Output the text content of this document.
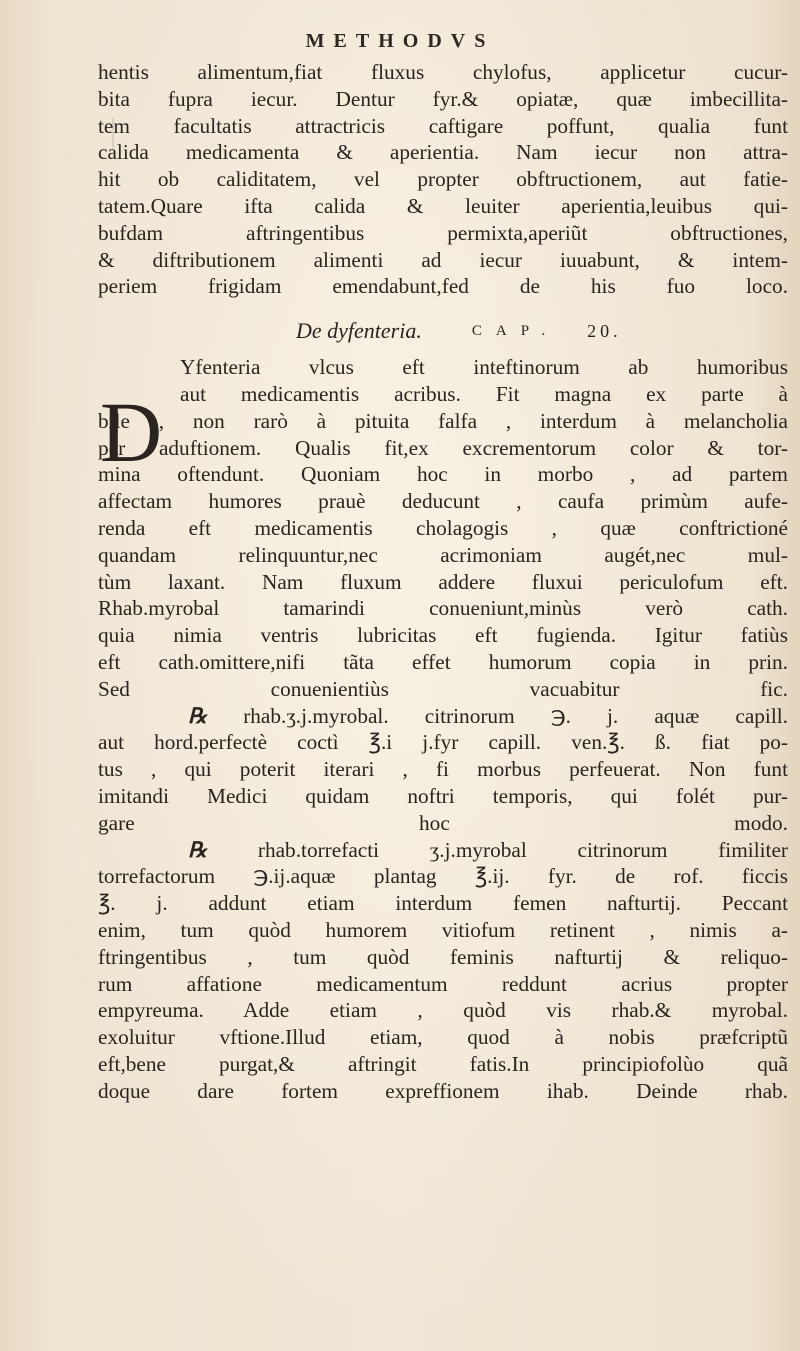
METHODVS
hentis alimentum,fiat fluxus chylofus, applicetur cucur-
bita fupra iecur. Dentur fyr.& opiatæ, quæ imbecillita-
tem facultatis attractricis caftigare poffunt, qualia funt
calida medicamenta & aperientia. Nam iecur non attra-
hit ob caliditatem, vel propter obftructionem, aut fatie-
tatem.Quare ifta calida & leuiter aperientia,leuibus qui-
bufdam aftringentibus permixta,aperiũt obftructiones,
& diftributionem alimenti ad iecur iuuabunt, & intem-
periem frigidam emendabunt,fed de his fuo loco.
De dyfenteria.	CAP. 20.
Yfenteria vlcus eft inteftinorum ab humoribus
aut medicamentis acribus. Fit magna ex parte à
bile , non rarò à pituita falfa , interdum à melancholia
per aduftionem. Qualis fit,ex excrementorum color & tor-
mina oftendunt. Quoniam hoc in morbo , ad partem
affectam humores prauè deducunt , caufa primùm aufe-
renda eft medicamentis cholagogis , quæ conftrictioné
quandam relinquuntur,nec acrimoniam augét,nec mul-
tùm laxant. Nam fluxum addere fluxui periculofum eft.
Rhab.myrobal tamarindi conueniunt,minùs verò cath.
quia nimia ventris lubricitas eft fugienda. Igitur fatiùs
eft cath.omittere,nifi tãta effet humorum copia in prin.
Sed conuenientiùs vacuabitur fic.
℞ rhab.ʒ.j.myrobal. citrinorum ℈. j. aquæ capill.
aut hord.perfectè coctì ℥.i j.fyr capill. ven.℥. ß. fiat po-
tus , qui poterit iterari , fi morbus perfeuerat. Non funt
imitandi Medici quidam noftri temporis, qui folét pur-
gare hoc modo.
℞ rhab.torrefacti ʒ.j.myrobal citrinorum fimiliter
torrefactorum ℈.ij.aquæ plantag ℥.ij. fyr. de rof. ficcis
℥. j. addunt etiam interdum femen nafturtij. Peccant
enim, tum quòd humorem vitiofum retinent , nimis a-
ftringentibus , tum quòd feminis nafturtij & reliquo-
rum affatione medicamentum reddunt acrius propter
empyreuma. Adde etiam , quòd vis rhab.& myrobal.
exoluitur vftione.Illud etiam, quod à nobis præfcriptũ
eft,bene purgat,& aftringit fatis.In principiofolùo quã
doque dare fortem expreffionem ihab. Deinde rhab.
D
